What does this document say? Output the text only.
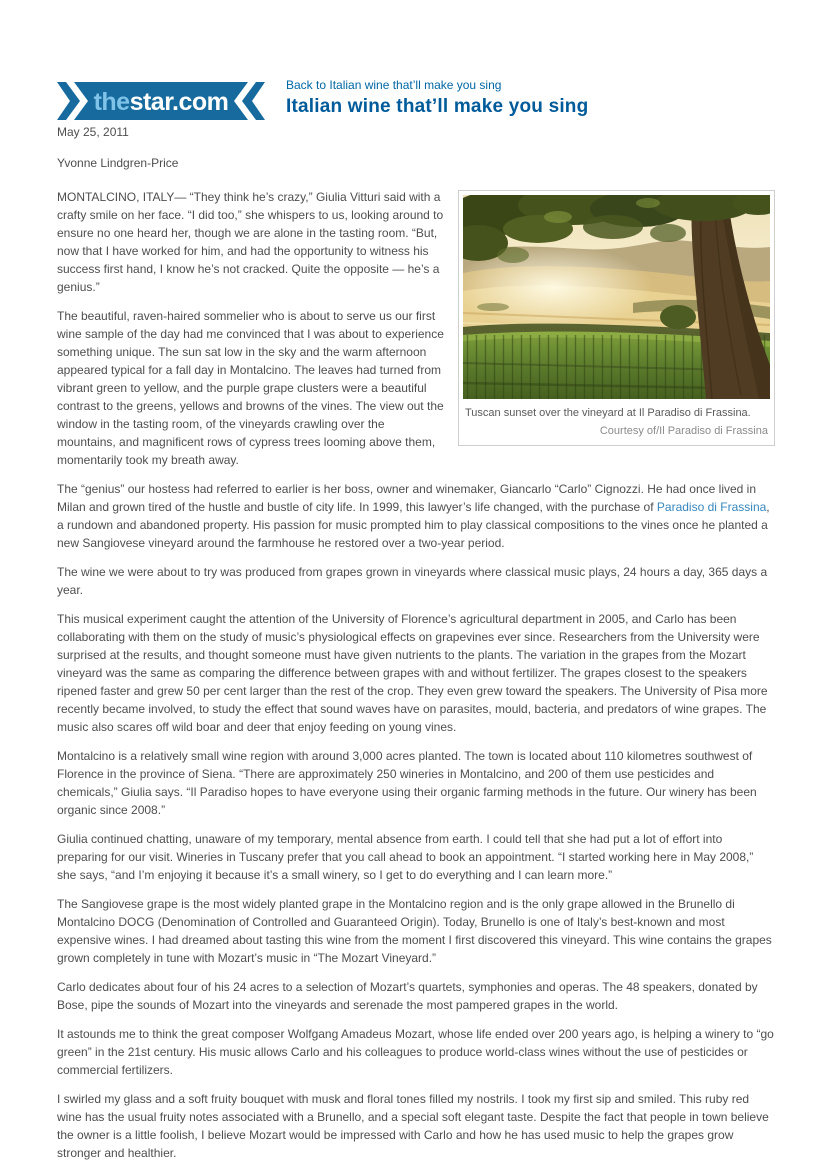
thestar.com
Back to Italian wine that’ll make you sing
Italian wine that’ll make you sing
May 25, 2011
Yvonne Lindgren-Price
Tuscan sunset over the vineyard at Il Paradiso di Frassina.
Courtesy of/Il Paradiso di Frassina

MONTALCINO, ITALY— “They think he’s crazy,” Giulia Vitturi said with a crafty smile on her face. “I did too,” she whispers to us, looking around to ensure no one heard her, though we are alone in the tasting room. “But, now that I have worked for him, and had the opportunity to witness his success first hand, I know he’s not cracked. Quite the opposite — he’s a genius.”

The beautiful, raven-haired sommelier who is about to serve us our first wine sample of the day had me convinced that I was about to experience something unique. The sun sat low in the sky and the warm afternoon appeared typical for a fall day in Montalcino. The leaves had turned from vibrant green to yellow, and the purple grape clusters were a beautiful contrast to the greens, yellows and browns of the vines. The view out the window in the tasting room, of the vineyards crawling over the mountains, and magnificent rows of cypress trees looming above them, momentarily took my breath away.

The “genius” our hostess had referred to earlier is her boss, owner and winemaker, Giancarlo “Carlo” Cignozzi. He had once lived in Milan and grown tired of the hustle and bustle of city life. In 1999, this lawyer’s life changed, with the purchase of Paradiso di Frassina, a rundown and abandoned property. His passion for music prompted him to play classical compositions to the vines once he planted a new Sangiovese vineyard around the farmhouse he restored over a two-year period.

The wine we were about to try was produced from grapes grown in vineyards where classical music plays, 24 hours a day, 365 days a year.

This musical experiment caught the attention of the University of Florence’s agricultural department in 2005, and Carlo has been collaborating with them on the study of music’s physiological effects on grapevines ever since. Researchers from the University were surprised at the results, and thought someone must have given nutrients to the plants. The variation in the grapes from the Mozart vineyard was the same as comparing the difference between grapes with and without fertilizer. The grapes closest to the speakers ripened faster and grew 50 per cent larger than the rest of the crop. They even grew toward the speakers. The University of Pisa more recently became involved, to study the effect that sound waves have on parasites, mould, bacteria, and predators of wine grapes. The music also scares off wild boar and deer that enjoy feeding on young vines.

Montalcino is a relatively small wine region with around 3,000 acres planted. The town is located about 110 kilometres southwest of Florence in the province of Siena. “There are approximately 250 wineries in Montalcino, and 200 of them use pesticides and chemicals,” Giulia says. “Il Paradiso hopes to have everyone using their organic farming methods in the future. Our winery has been organic since 2008.”

Giulia continued chatting, unaware of my temporary, mental absence from earth. I could tell that she had put a lot of effort into preparing for our visit. Wineries in Tuscany prefer that you call ahead to book an appointment. “I started working here in May 2008,” she says, “and I’m enjoying it because it’s a small winery, so I get to do everything and I can learn more.”

The Sangiovese grape is the most widely planted grape in the Montalcino region and is the only grape allowed in the Brunello di Montalcino DOCG (Denomination of Controlled and Guaranteed Origin). Today, Brunello is one of Italy’s best-known and most expensive wines. I had dreamed about tasting this wine from the moment I first discovered this vineyard. This wine contains the grapes grown completely in tune with Mozart’s music in “The Mozart Vineyard.”

Carlo dedicates about four of his 24 acres to a selection of Mozart’s quartets, symphonies and operas. The 48 speakers, donated by Bose, pipe the sounds of Mozart into the vineyards and serenade the most pampered grapes in the world.

It astounds me to think the great composer Wolfgang Amadeus Mozart, whose life ended over 200 years ago, is helping a winery to “go green” in the 21st century. His music allows Carlo and his colleagues to produce world-class wines without the use of pesticides or commercial fertilizers.

I swirled my glass and a soft fruity bouquet with musk and floral tones filled my nostrils. I took my first sip and smiled. This ruby red wine has the usual fruity notes associated with a Brunello, and a special soft elegant taste. Despite the fact that people in town believe the owner is a little foolish, I believe Mozart would be impressed with Carlo and how he has used music to help the grapes grow stronger and healthier.
